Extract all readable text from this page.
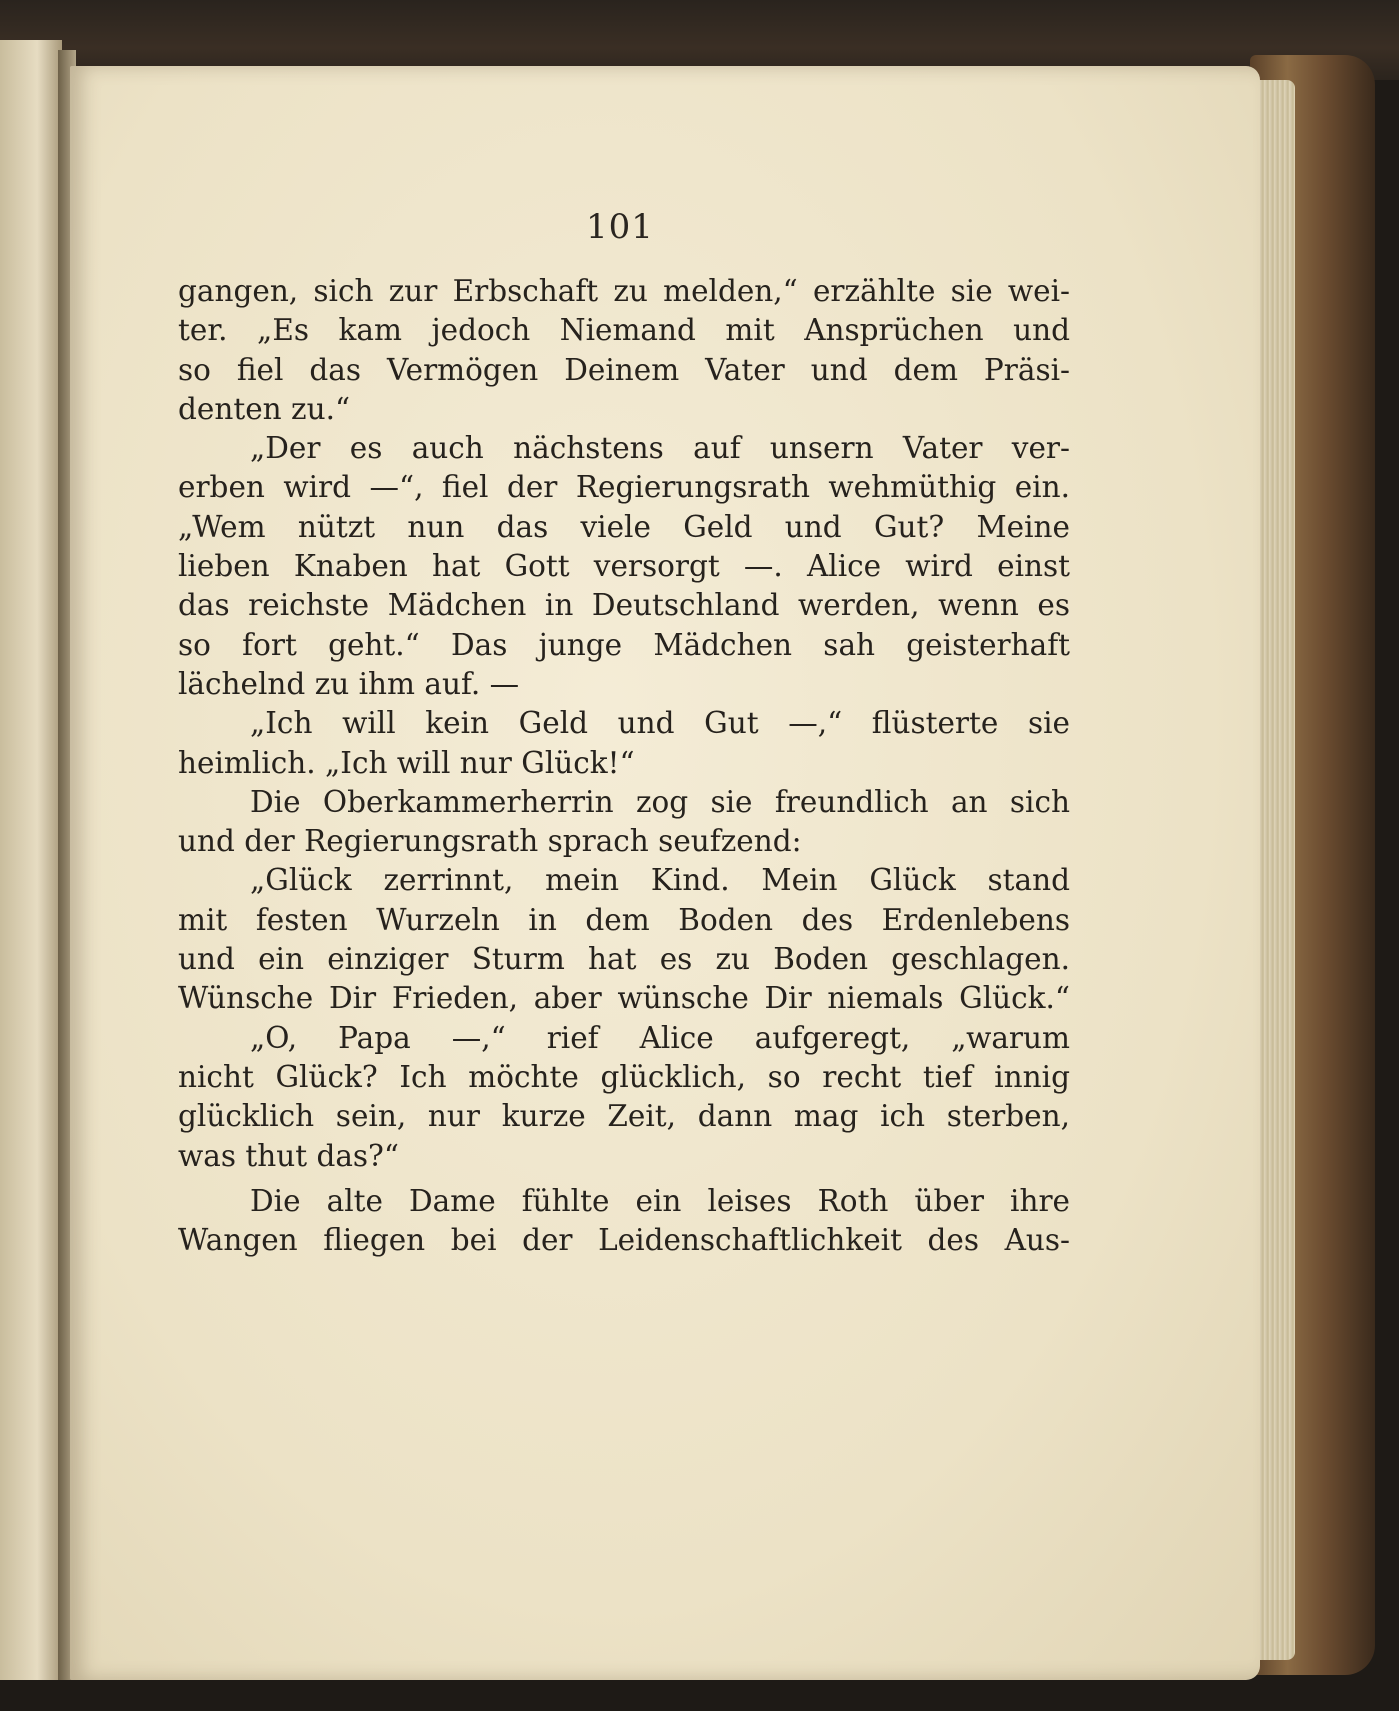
101
gangen, sich zur Erbschaft zu melden,“ erzählte sie wei-
ter. „Es kam jedoch Niemand mit Ansprüchen und
so fiel das Vermögen Deinem Vater und dem Präsi-
denten zu.“
„Der es auch nächstens auf unsern Vater ver-
erben wird —“, fiel der Regierungsrath wehmüthig ein.
„Wem nützt nun das viele Geld und Gut? Meine
lieben Knaben hat Gott versorgt —. Alice wird einst
das reichste Mädchen in Deutschland werden, wenn es
so fort geht.“ Das junge Mädchen sah geisterhaft
lächelnd zu ihm auf. —
„Ich will kein Geld und Gut —,“ flüsterte sie
heimlich. „Ich will nur Glück!“
Die Oberkammerherrin zog sie freundlich an sich
und der Regierungsrath sprach seufzend:
„Glück zerrinnt, mein Kind. Mein Glück stand
mit festen Wurzeln in dem Boden des Erdenlebens
und ein einziger Sturm hat es zu Boden geschlagen.
Wünsche Dir Frieden, aber wünsche Dir niemals Glück.“
„O, Papa —,“ rief Alice aufgeregt, „warum
nicht Glück? Ich möchte glücklich, so recht tief innig
glücklich sein, nur kurze Zeit, dann mag ich sterben,
was thut das?“
Die alte Dame fühlte ein leises Roth über ihre
Wangen fliegen bei der Leidenschaftlichkeit des Aus-
